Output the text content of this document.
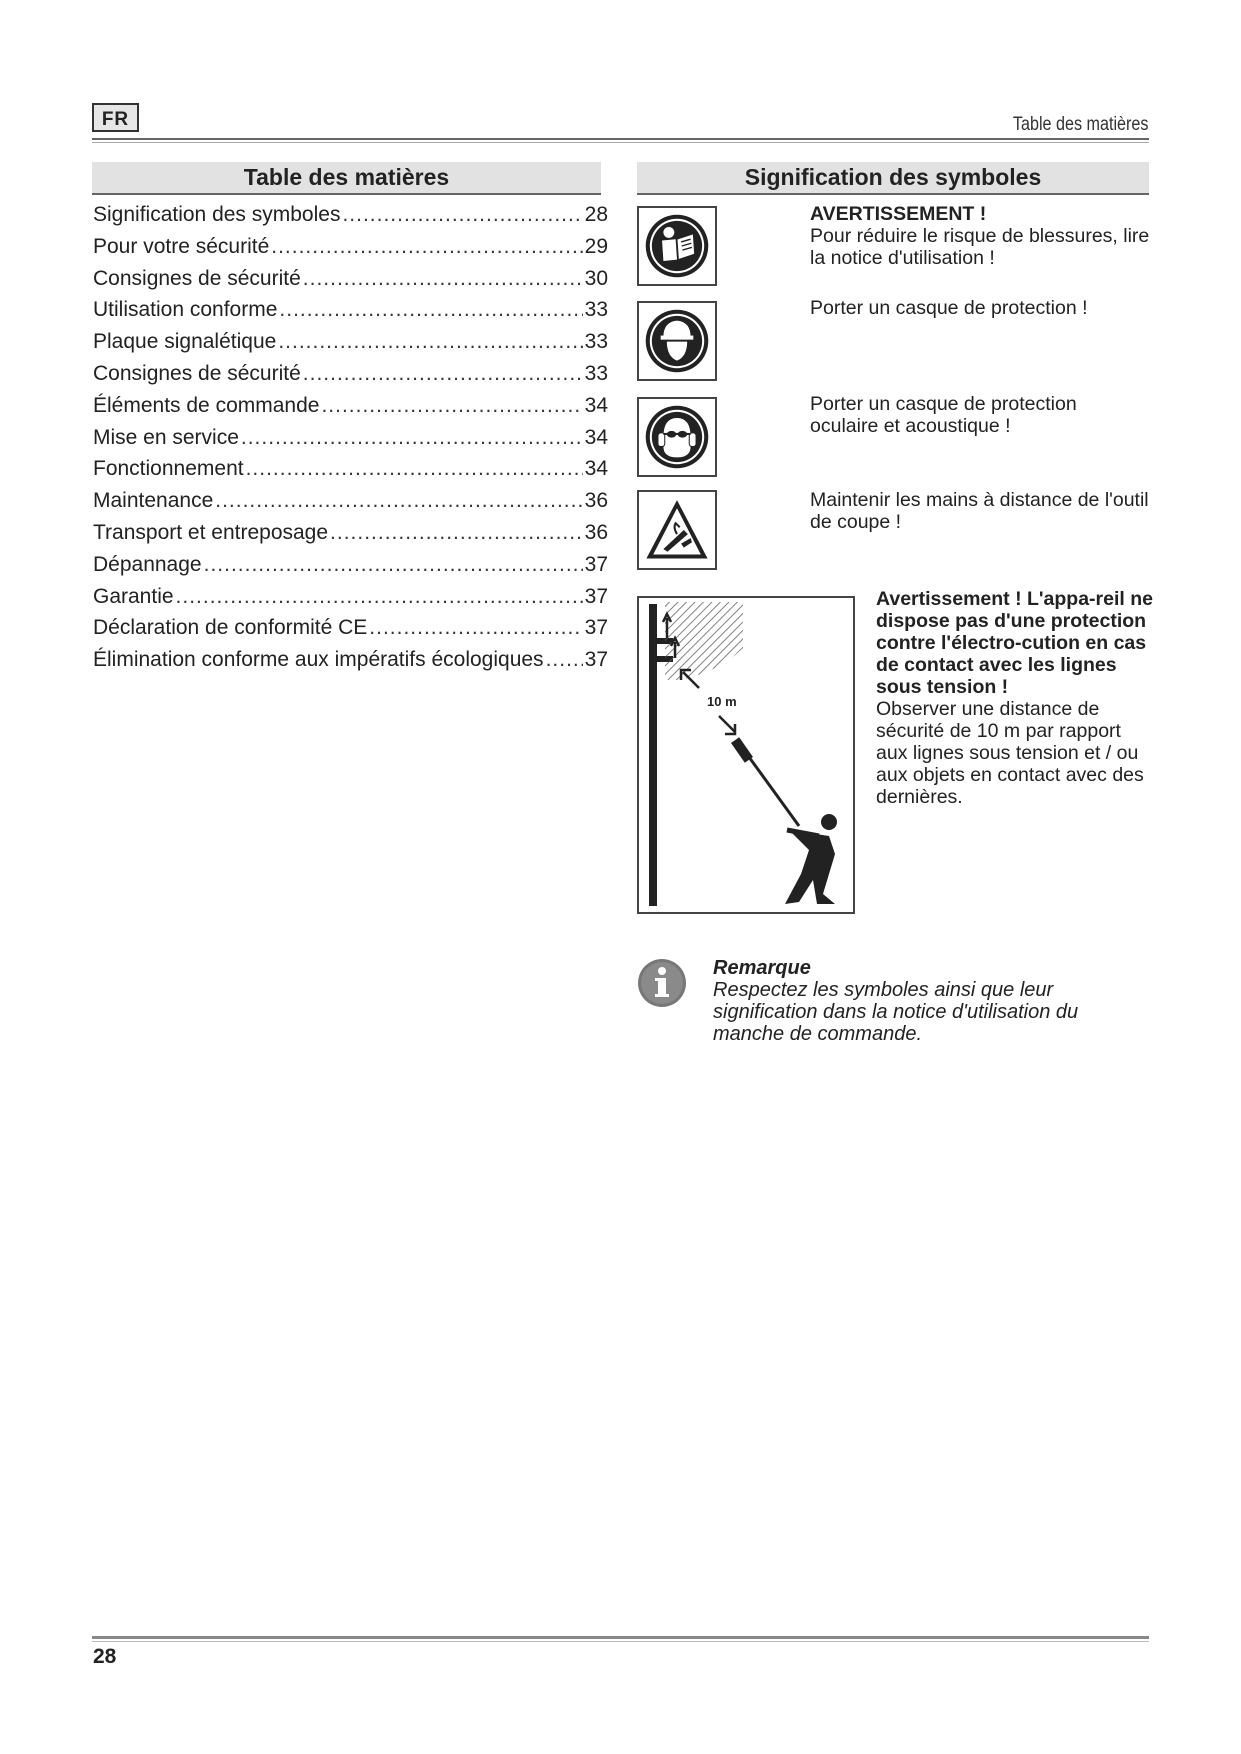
FR	Table des matières
Table des matières
Signification des symboles .....	28
Pour votre sécurité .....	29
Consignes de sécurité .....	30
Utilisation conforme .....	33
Plaque signalétique .....	33
Consignes de sécurité .....	33
Éléments de commande .....	34
Mise en service .....	34
Fonctionnement .....	34
Maintenance .....	36
Transport et entreposage .....	36
Dépannage .....	37
Garantie .....	37
Déclaration de conformité CE .....	37
Élimination conforme aux impératifs écologiques ..... 37
Signification des symboles
AVERTISSEMENT !
Pour réduire le risque de blessures, lire la notice d'utilisation !
Porter un casque de protection !
Porter un casque de protection oculaire et acoustique !
Maintenir les mains à distance de l'outil de coupe !
10 m
Avertissement ! L'appa-reil ne dispose pas d'une protection contre l'électro-cution en cas de contact avec les lignes sous tension !
Observer une distance de sécurité de 10 m par rapport aux lignes sous tension et / ou aux objets en contact avec des dernières.
Remarque
Respectez les symboles ainsi que leur signification dans la notice d'utilisation du manche de commande.
28
